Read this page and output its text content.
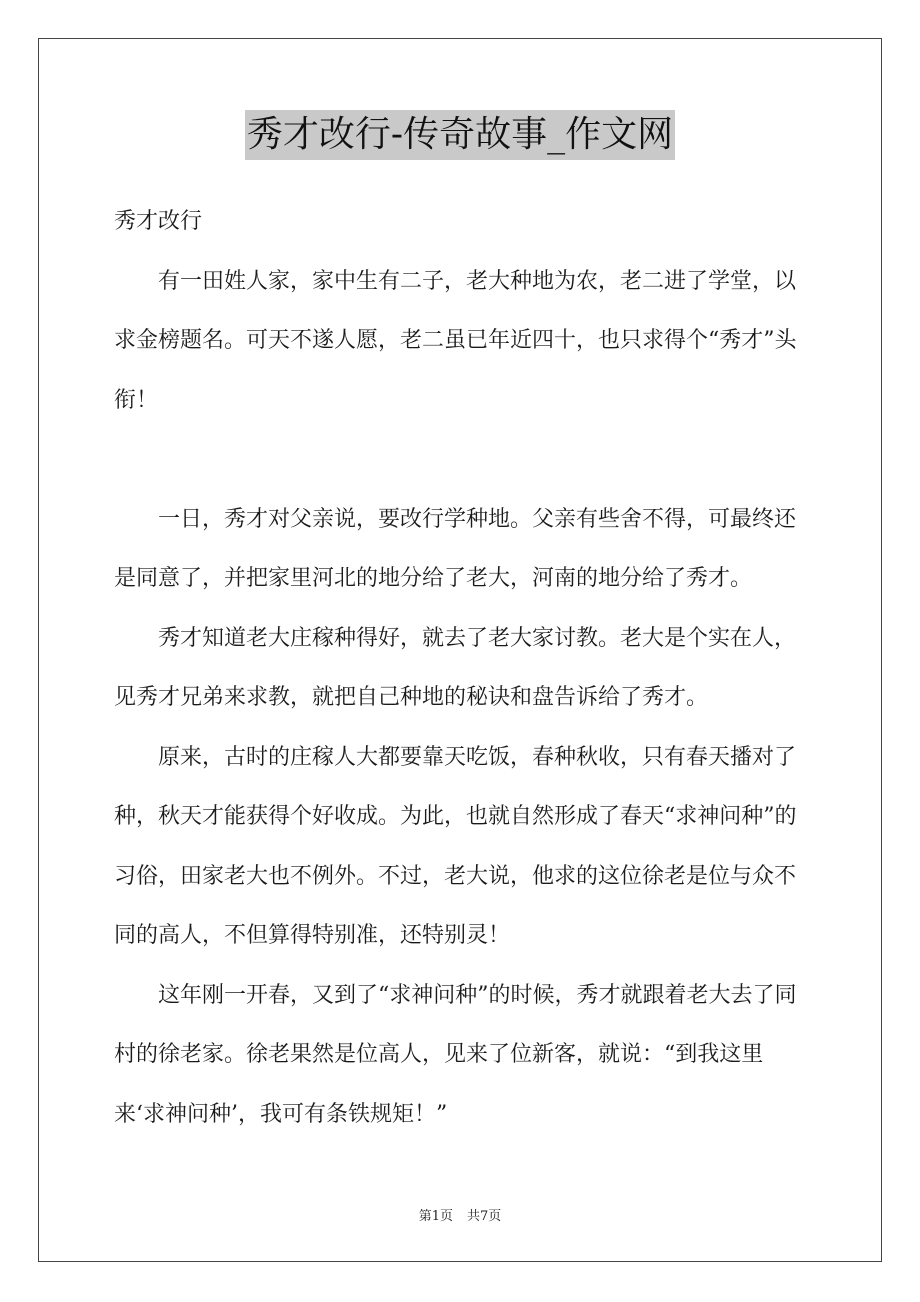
秀才改行-传奇故事_作文网

秀才改行

有一田姓人家，家中生有二子，老大种地为农，老二进了学堂，以求金榜题名。可天不遂人愿，老二虽已年近四十，也只求得个“秀才”头衔！

一日，秀才对父亲说，要改行学种地。父亲有些舍不得，可最终还是同意了，并把家里河北的地分给了老大，河南的地分给了秀才。

秀才知道老大庄稼种得好，就去了老大家讨教。老大是个实在人，见秀才兄弟来求教，就把自己种地的秘诀和盘告诉给了秀才。

原来，古时的庄稼人大都要靠天吃饭，春种秋收，只有春天播对了种，秋天才能获得个好收成。为此，也就自然形成了春天“求神问种”的习俗，田家老大也不例外。不过，老大说，他求的这位徐老是位与众不同的高人，不但算得特别准，还特别灵！

这年刚一开春，又到了“求神问种”的时候，秀才就跟着老大去了同村的徐老家。徐老果然是位高人，见来了位新客，就说：“到我这里来‘求神问种’，我可有条铁规矩！”

第1页 共7页
